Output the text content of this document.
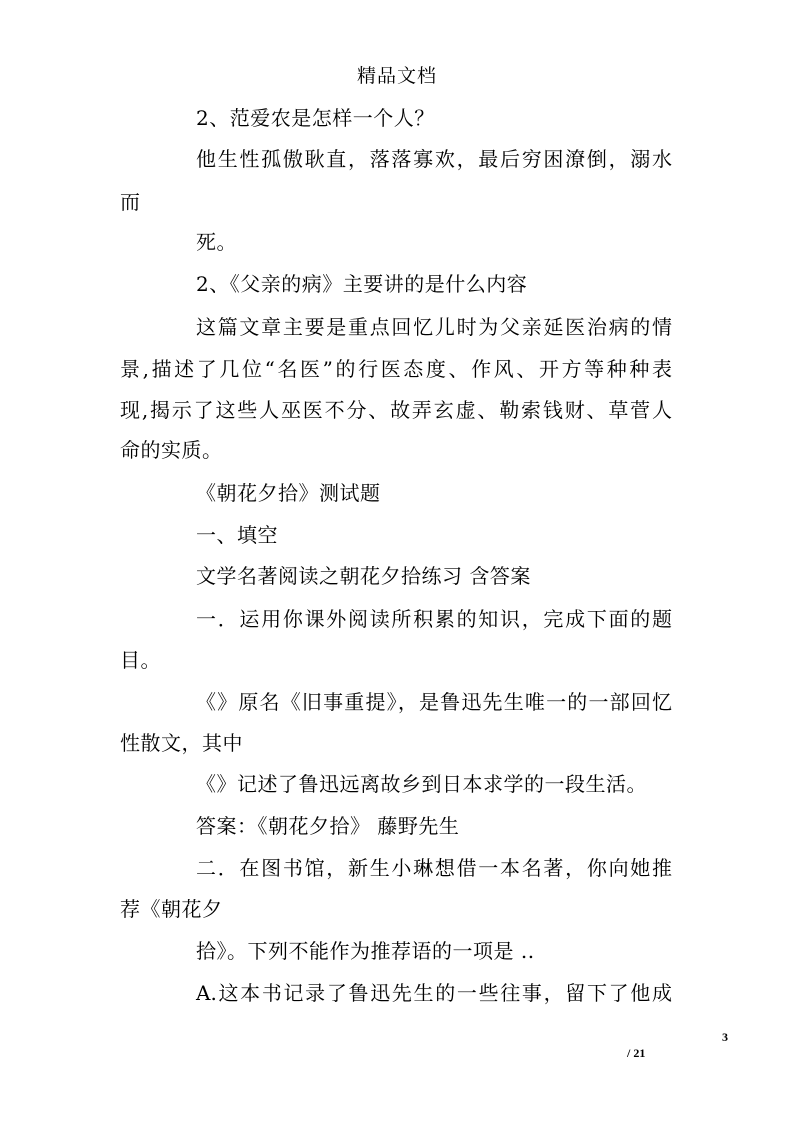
精品文档
2、范爱农是怎样一个人？
他生性孤傲耿直，落落寡欢，最后穷困潦倒，溺水
而
死。
2、《父亲的病》主要讲的是什么内容
这篇文章主要是重点回忆儿时为父亲延医治病的情
景,描述了几位“名医”的行医态度、作风、开方等种种表
现,揭示了这些人巫医不分、故弄玄虚、勒索钱财、草菅人
命的实质。
《朝花夕拾》测试题
一、填空
文学名著阅读之朝花夕拾练习 含答案
一．运用你课外阅读所积累的知识，完成下面的题
目。
《》原名《旧事重提》，是鲁迅先生唯一的一部回忆
性散文，其中
《》记述了鲁迅远离故乡到日本求学的一段生活。
答案：《朝花夕拾》 藤野先生
二．在图书馆，新生小琳想借一本名著，你向她推
荐《朝花夕
拾》。下列不能作为推荐语的一项是 ..
A.这本书记录了鲁迅先生的一些往事，留下了他成
3
/ 21
